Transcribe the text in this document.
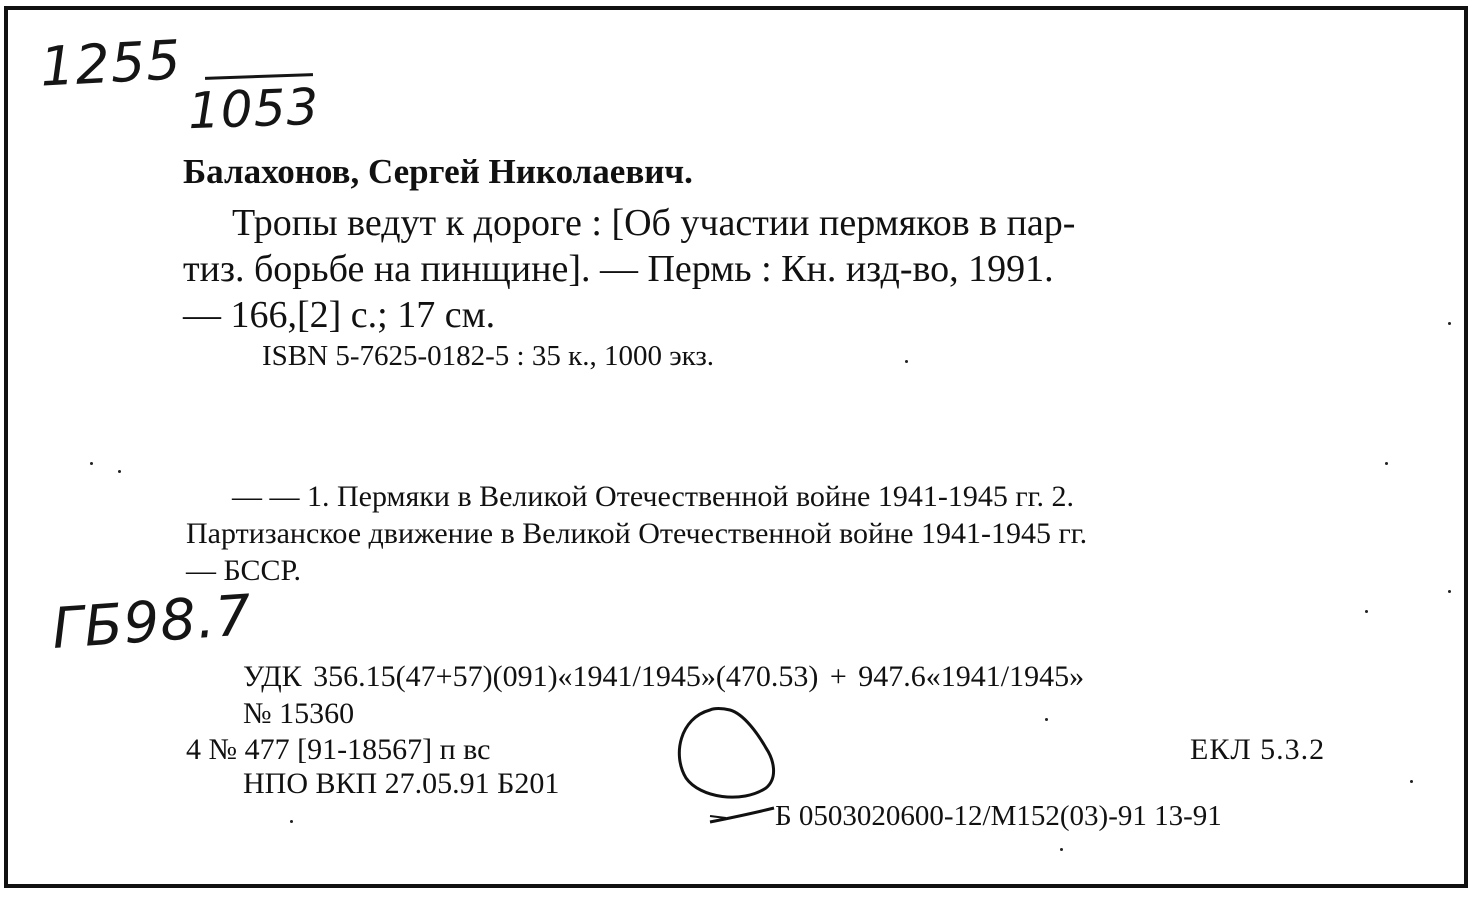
1255
1053
Балахонов, Сергей Николаевич.
Тропы ведут к дороге : [Об участии пермяков в пар-
тиз. борьбе на пинщине]. — Пермь : Кн. изд-во, 1991.
— 166,[2] с.; 17 см.
ISBN 5-7625-0182-5 : 35 к., 1000 экз.
— — 1. Пермяки в Великой Отечественной войне 1941-1945 гг. 2.
Партизанское движение в Великой Отечественной войне 1941-1945 гг.
— БССР.
ГБ98.7
УДК 356.15(47+57)(091)«1941/1945»(470.53) + 947.6«1941/1945»
№ 15360
4 № 477 [91-18567] п вс	ЕКЛ 5.3.2
НПО ВКП 27.05.91 Б201
Б 0503020600-12/М152(03)-91 13-91
